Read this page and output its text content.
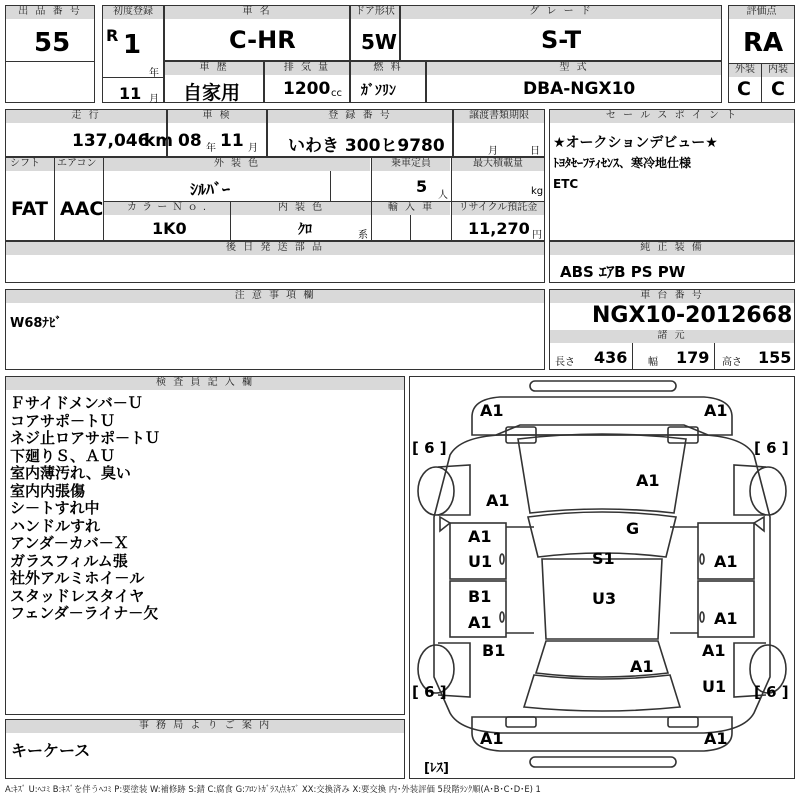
出 品 番 号
55
初度登録
R 1
年
11 月
車 名
C-HR
ドア形状
5W
グ レ ー ド
S-T
評価点
RA
外装	内装
C C
車 歴
自家用
排 気 量
1200 cc
燃 料
ｶﾞｿﾘﾝ
型 式
DBA-NGX10
走 行
137,046
km
車 検
08 年 11 月
登 録 番 号
いわき 300ヒ9780
譲渡書類期限
月	日
セ ー ル ス ポ イ ン ト
★オークションデビュー★
ﾄﾖﾀｾｰﾌﾃｨｾﾝｽ、寒冷地仕様
ETC
シフト	エアコン
FAT AAC
外 装 色	乗車定員	最大積載量
ｼﾙﾊﾞｰ	5 人	kg
カ ラ ー Ｎ ｏ .	内 装 色	輸 入 車	リサイクル預託金
1K0	ｸﾛ	系	11,270 円
後 日 発 送 部 品	純 正 装 備
ABS ｴｱB PS PW
注 意 事 項 欄
W68ﾅﾋﾞ
車 台 番 号
NGX10-2012668
諸 元
長さ 436 幅 179 高さ 155
検 査 員 記 入 欄
Ｆサイドメンバ－Ｕ
コアサポ－トＵ
ネジ止ロアサポ－トＵ
下廻りＳ、ＡＵ
室内薄汚れ、臭い
室内内張傷
シ－トすれ中
ハンドルすれ
アンダ－カバ－Ｘ
ガラスフィルム張
社外アルミホイ－ル
スタッドレスタイヤ
フェンダ－ライナ－欠
A1	A1
[ 6 ]	[ 6 ]
A1
A1
G
A1
U1	S1	A1
B1	U3
A1	A1
B1	A1
A1
U1
[ 6 ]	[ 6 ]
A1	A1
[ﾚｽ]
事 務 局 よ り ご 案 内
キーケース
A:ｷｽﾞ U:ﾍｺﾐ B:ｷｽﾞを伴うﾍｺﾐ P:要塗装 W:補修跡 S:錆 C:腐食 G:ﾌﾛﾝﾄｶﾞﾗｽ点ｷｽﾞ XX:交換済み X:要交換 内･外装評価 5段階ﾗﾝｸ順(A･B･C･D･E) 1
